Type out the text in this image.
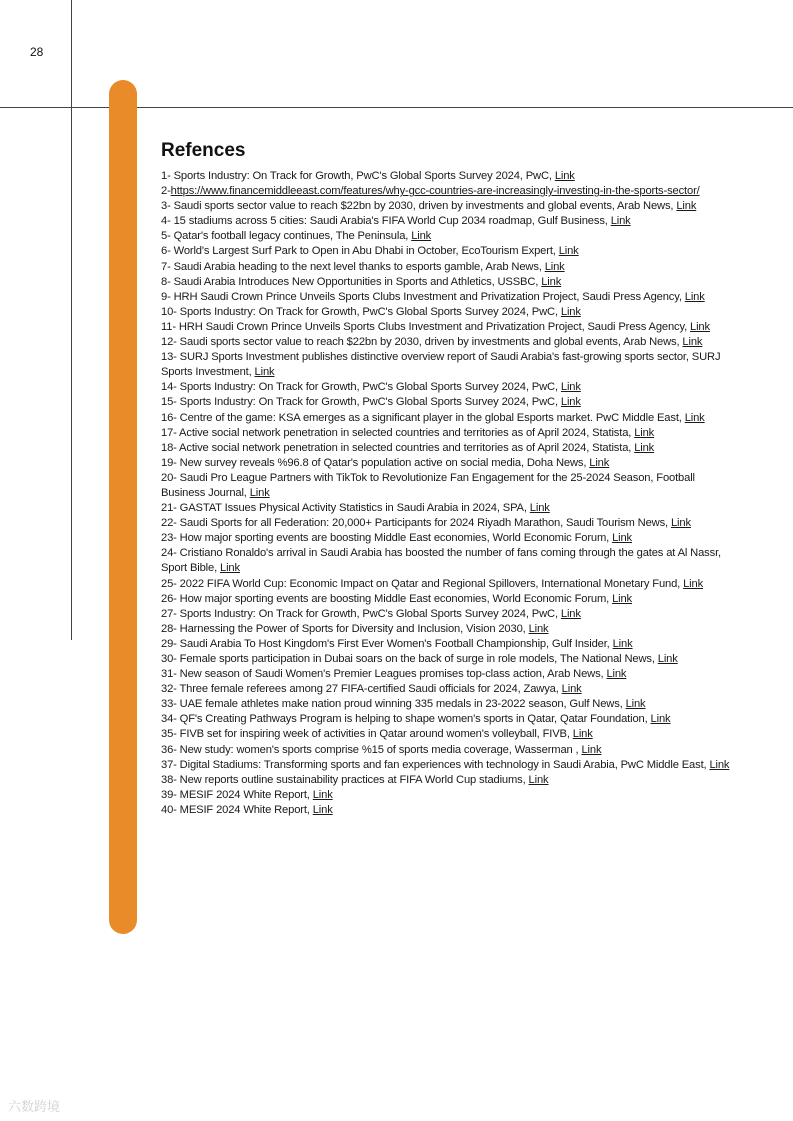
28
Refences
1- Sports Industry: On Track for Growth, PwC's Global Sports Survey 2024, PwC, Link
2-https://www.financemiddleeast.com/features/why-gcc-countries-are-increasingly-investing-in-the-sports-sector/
3- Saudi sports sector value to reach $22bn by 2030, driven by investments and global events, Arab News, Link
4- 15 stadiums across 5 cities: Saudi Arabia's FIFA World Cup 2034 roadmap, Gulf Business, Link
5- Qatar's football legacy continues, The Peninsula, Link
6- World's Largest Surf Park to Open in Abu Dhabi in October, EcoTourism Expert, Link
7- Saudi Arabia heading to the next level thanks to esports gamble, Arab News, Link
8- Saudi Arabia Introduces New Opportunities in Sports and Athletics, USSBC, Link
9- HRH Saudi Crown Prince Unveils Sports Clubs Investment and Privatization Project, Saudi Press Agency, Link
10- Sports Industry: On Track for Growth, PwC's Global Sports Survey 2024, PwC, Link
11- HRH Saudi Crown Prince Unveils Sports Clubs Investment and Privatization Project, Saudi Press Agency, Link
12- Saudi sports sector value to reach $22bn by 2030, driven by investments and global events, Arab News, Link
13- SURJ Sports Investment publishes distinctive overview report of Saudi Arabia's fast-growing sports sector, SURJ Sports Investment, Link
14- Sports Industry: On Track for Growth, PwC's Global Sports Survey 2024, PwC, Link
15- Sports Industry: On Track for Growth, PwC's Global Sports Survey 2024, PwC, Link
16- Centre of the game: KSA emerges as a significant player in the global Esports market. PwC Middle East, Link
17- Active social network penetration in selected countries and territories as of April 2024, Statista, Link
18- Active social network penetration in selected countries and territories as of April 2024, Statista, Link
19- New survey reveals %96.8 of Qatar's population active on social media, Doha News, Link
20- Saudi Pro League Partners with TikTok to Revolutionize Fan Engagement for the 25-2024 Season, Football Business Journal, Link
21- GASTAT Issues Physical Activity Statistics in Saudi Arabia in 2024, SPA, Link
22- Saudi Sports for all Federation: 20,000+ Participants for 2024 Riyadh Marathon, Saudi Tourism News, Link
23- How major sporting events are boosting Middle East economies, World Economic Forum, Link
24- Cristiano Ronaldo's arrival in Saudi Arabia has boosted the number of fans coming through the gates at Al Nassr, Sport Bible, Link
25- 2022 FIFA World Cup: Economic Impact on Qatar and Regional Spillovers, International Monetary Fund, Link
26- How major sporting events are boosting Middle East economies, World Economic Forum, Link
27- Sports Industry: On Track for Growth, PwC's Global Sports Survey 2024, PwC, Link
28- Harnessing the Power of Sports for Diversity and Inclusion, Vision 2030, Link
29- Saudi Arabia To Host Kingdom's First Ever Women's Football Championship, Gulf Insider, Link
30- Female sports participation in Dubai soars on the back of surge in role models, The National News, Link
31- New season of Saudi Women's Premier Leagues promises top-class action, Arab News, Link
32- Three female referees among 27 FIFA-certified Saudi officials for 2024, Zawya, Link
33- UAE female athletes make nation proud winning 335 medals in 23-2022 season, Gulf News, Link
34- QF's Creating Pathways Program is helping to shape women's sports in Qatar, Qatar Foundation, Link
35- FIVB set for inspiring week of activities in Qatar around women's volleyball, FIVB, Link
36- New study: women's sports comprise %15 of sports media coverage, Wasserman , Link
37- Digital Stadiums: Transforming sports and fan experiences with technology in Saudi Arabia, PwC Middle East, Link
38- New reports outline sustainability practices at FIFA World Cup stadiums, Link
39- MESIF 2024 White Report, Link
40- MESIF 2024 White Report, Link
六数跨境
